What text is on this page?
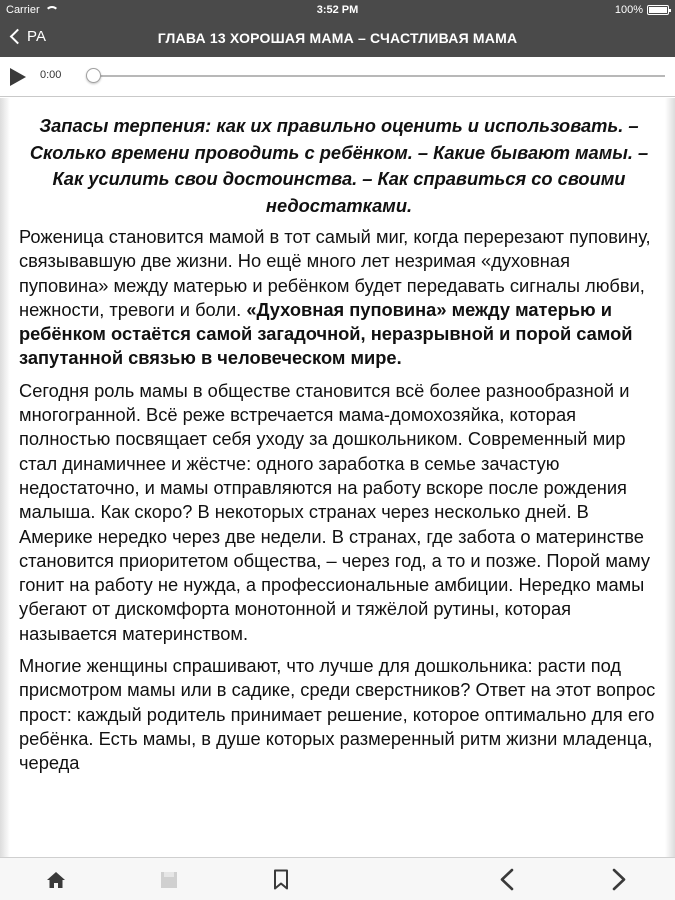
Carrier	3:52 PM	100%
РА	ГЛАВА 13 ХОРОШАЯ МАМА – СЧАСТЛИВАЯ МАМА
0:00

Запасы терпения: как их правильно оценить и использовать. – Сколько времени проводить с ребёнком. – Какие бывают мамы. – Как усилить свои достоинства. – Как справиться со своими недостатками.

Роженица становится мамой в тот самый миг, когда перерезают пуповину, связывавшую две жизни. Но ещё много лет незримая «духовная пуповина» между матерью и ребёнком будет передавать сигналы любви, нежности, тревоги и боли. «Духовная пуповина» между матерью и ребёнком остаётся самой загадочной, неразрывной и порой самой запутанной связью в человеческом мире.

Сегодня роль мамы в обществе становится всё более разнообразной и многогранной. Всё реже встречается мама-домохозяйка, которая полностью посвящает себя уходу за дошкольником. Современный мир стал динамичнее и жёстче: одного заработка в семье зачастую недостаточно, и мамы отправляются на работу вскоре после рождения малыша. Как скоро? В некоторых странах через несколько дней. В Америке нередко через две недели. В странах, где забота о материнстве становится приоритетом общества, – через год, а то и позже. Порой маму гонит на работу не нужда, а профессиональные амбиции. Нередко мамы убегают от дискомфорта монотонной и тяжёлой рутины, которая называется материнством.

Многие женщины спрашивают, что лучше для дошкольника: расти под присмотром мамы или в садике, среди сверстников? Ответ на этот вопрос прост: каждый родитель принимает решение, которое оптимально для его ребёнка. Есть мамы, в душе которых размеренный ритм жизни младенца, череда
